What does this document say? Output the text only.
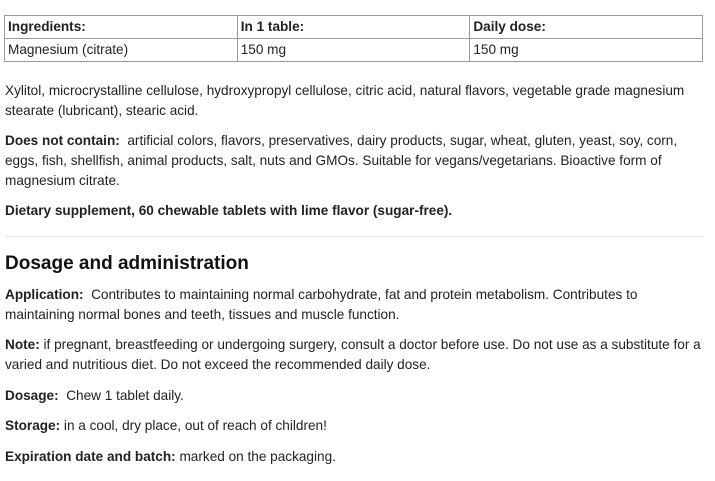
Ingredients:	In 1 table:	Daily dose:
Magnesium (citrate)	150 mg	150 mg

Xylitol, microcrystalline cellulose, hydroxypropyl cellulose, citric acid, natural flavors, vegetable grade magnesium stearate (lubricant), stearic acid.

Does not contain: artificial colors, flavors, preservatives, dairy products, sugar, wheat, gluten, yeast, soy, corn, eggs, fish, shellfish, animal products, salt, nuts and GMOs. Suitable for vegans/vegetarians. Bioactive form of magnesium citrate.

Dietary supplement, 60 chewable tablets with lime flavor (sugar-free).

Dosage and administration

Application: Contributes to maintaining normal carbohydrate, fat and protein metabolism. Contributes to maintaining normal bones and teeth, tissues and muscle function.

Note: if pregnant, breastfeeding or undergoing surgery, consult a doctor before use. Do not use as a substitute for a varied and nutritious diet. Do not exceed the recommended daily dose.

Dosage: Chew 1 tablet daily.

Storage: in a cool, dry place, out of reach of children!

Expiration date and batch: marked on the packaging.
